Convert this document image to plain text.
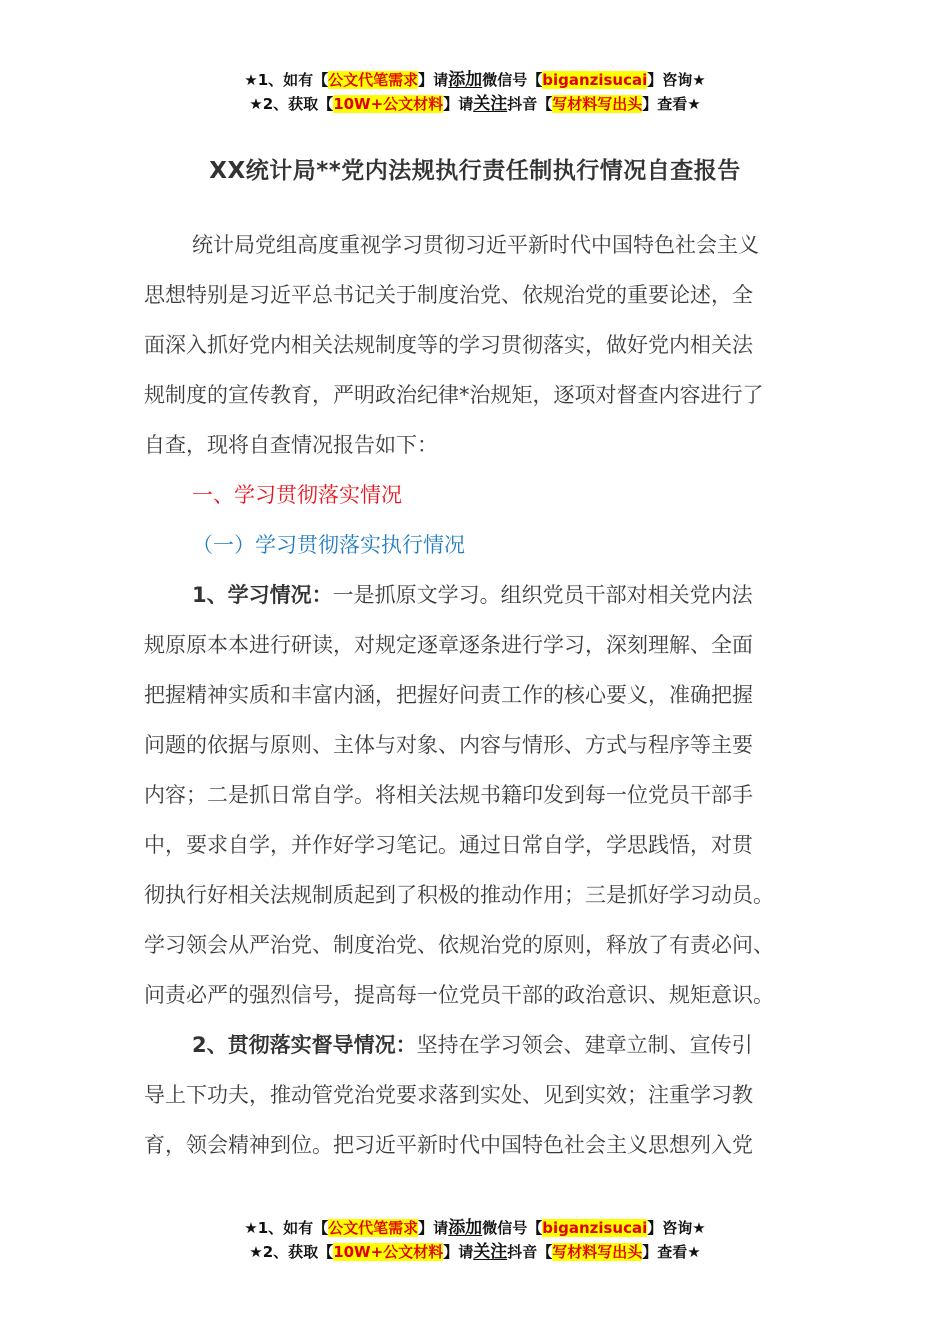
★1、如有【公文代笔需求】请添加微信号【biganzisucai】咨询★
★2、获取【10W+公文材料】请关注抖音【写材料写出头】查看★
XX统计局**党内法规执行责任制执行情况自查报告
统计局党组高度重视学习贯彻习近平新时代中国特色社会主义
思想特别是习近平总书记关于制度治党、依规治党的重要论述，全
面深入抓好党内相关法规制度等的学习贯彻落实，做好党内相关法
规制度的宣传教育，严明政治纪律*治规矩，逐项对督查内容进行了
自查，现将自查情况报告如下：
一、学习贯彻落实情况
（一）学习贯彻落实执行情况
1、学习情况：一是抓原文学习。组织党员干部对相关党内法
规原原本本进行研读，对规定逐章逐条进行学习，深刻理解、全面
把握精神实质和丰富内涵，把握好问责工作的核心要义，准确把握
问题的依据与原则、主体与对象、内容与情形、方式与程序等主要
内容；二是抓日常自学。将相关法规书籍印发到每一位党员干部手
中，要求自学，并作好学习笔记。通过日常自学，学思践悟，对贯
彻执行好相关法规制质起到了积极的推动作用；三是抓好学习动员。
学习领会从严治党、制度治党、依规治党的原则，释放了有责必问、
问责必严的强烈信号，提高每一位党员干部的政治意识、规矩意识。
2、贯彻落实督导情况：坚持在学习领会、建章立制、宣传引
导上下功夫，推动管党治党要求落到实处、见到实效；注重学习教
育，领会精神到位。把习近平新时代中国特色社会主义思想列入党
★1、如有【公文代笔需求】请添加微信号【biganzisucai】咨询★
★2、获取【10W+公文材料】请关注抖音【写材料写出头】查看★
